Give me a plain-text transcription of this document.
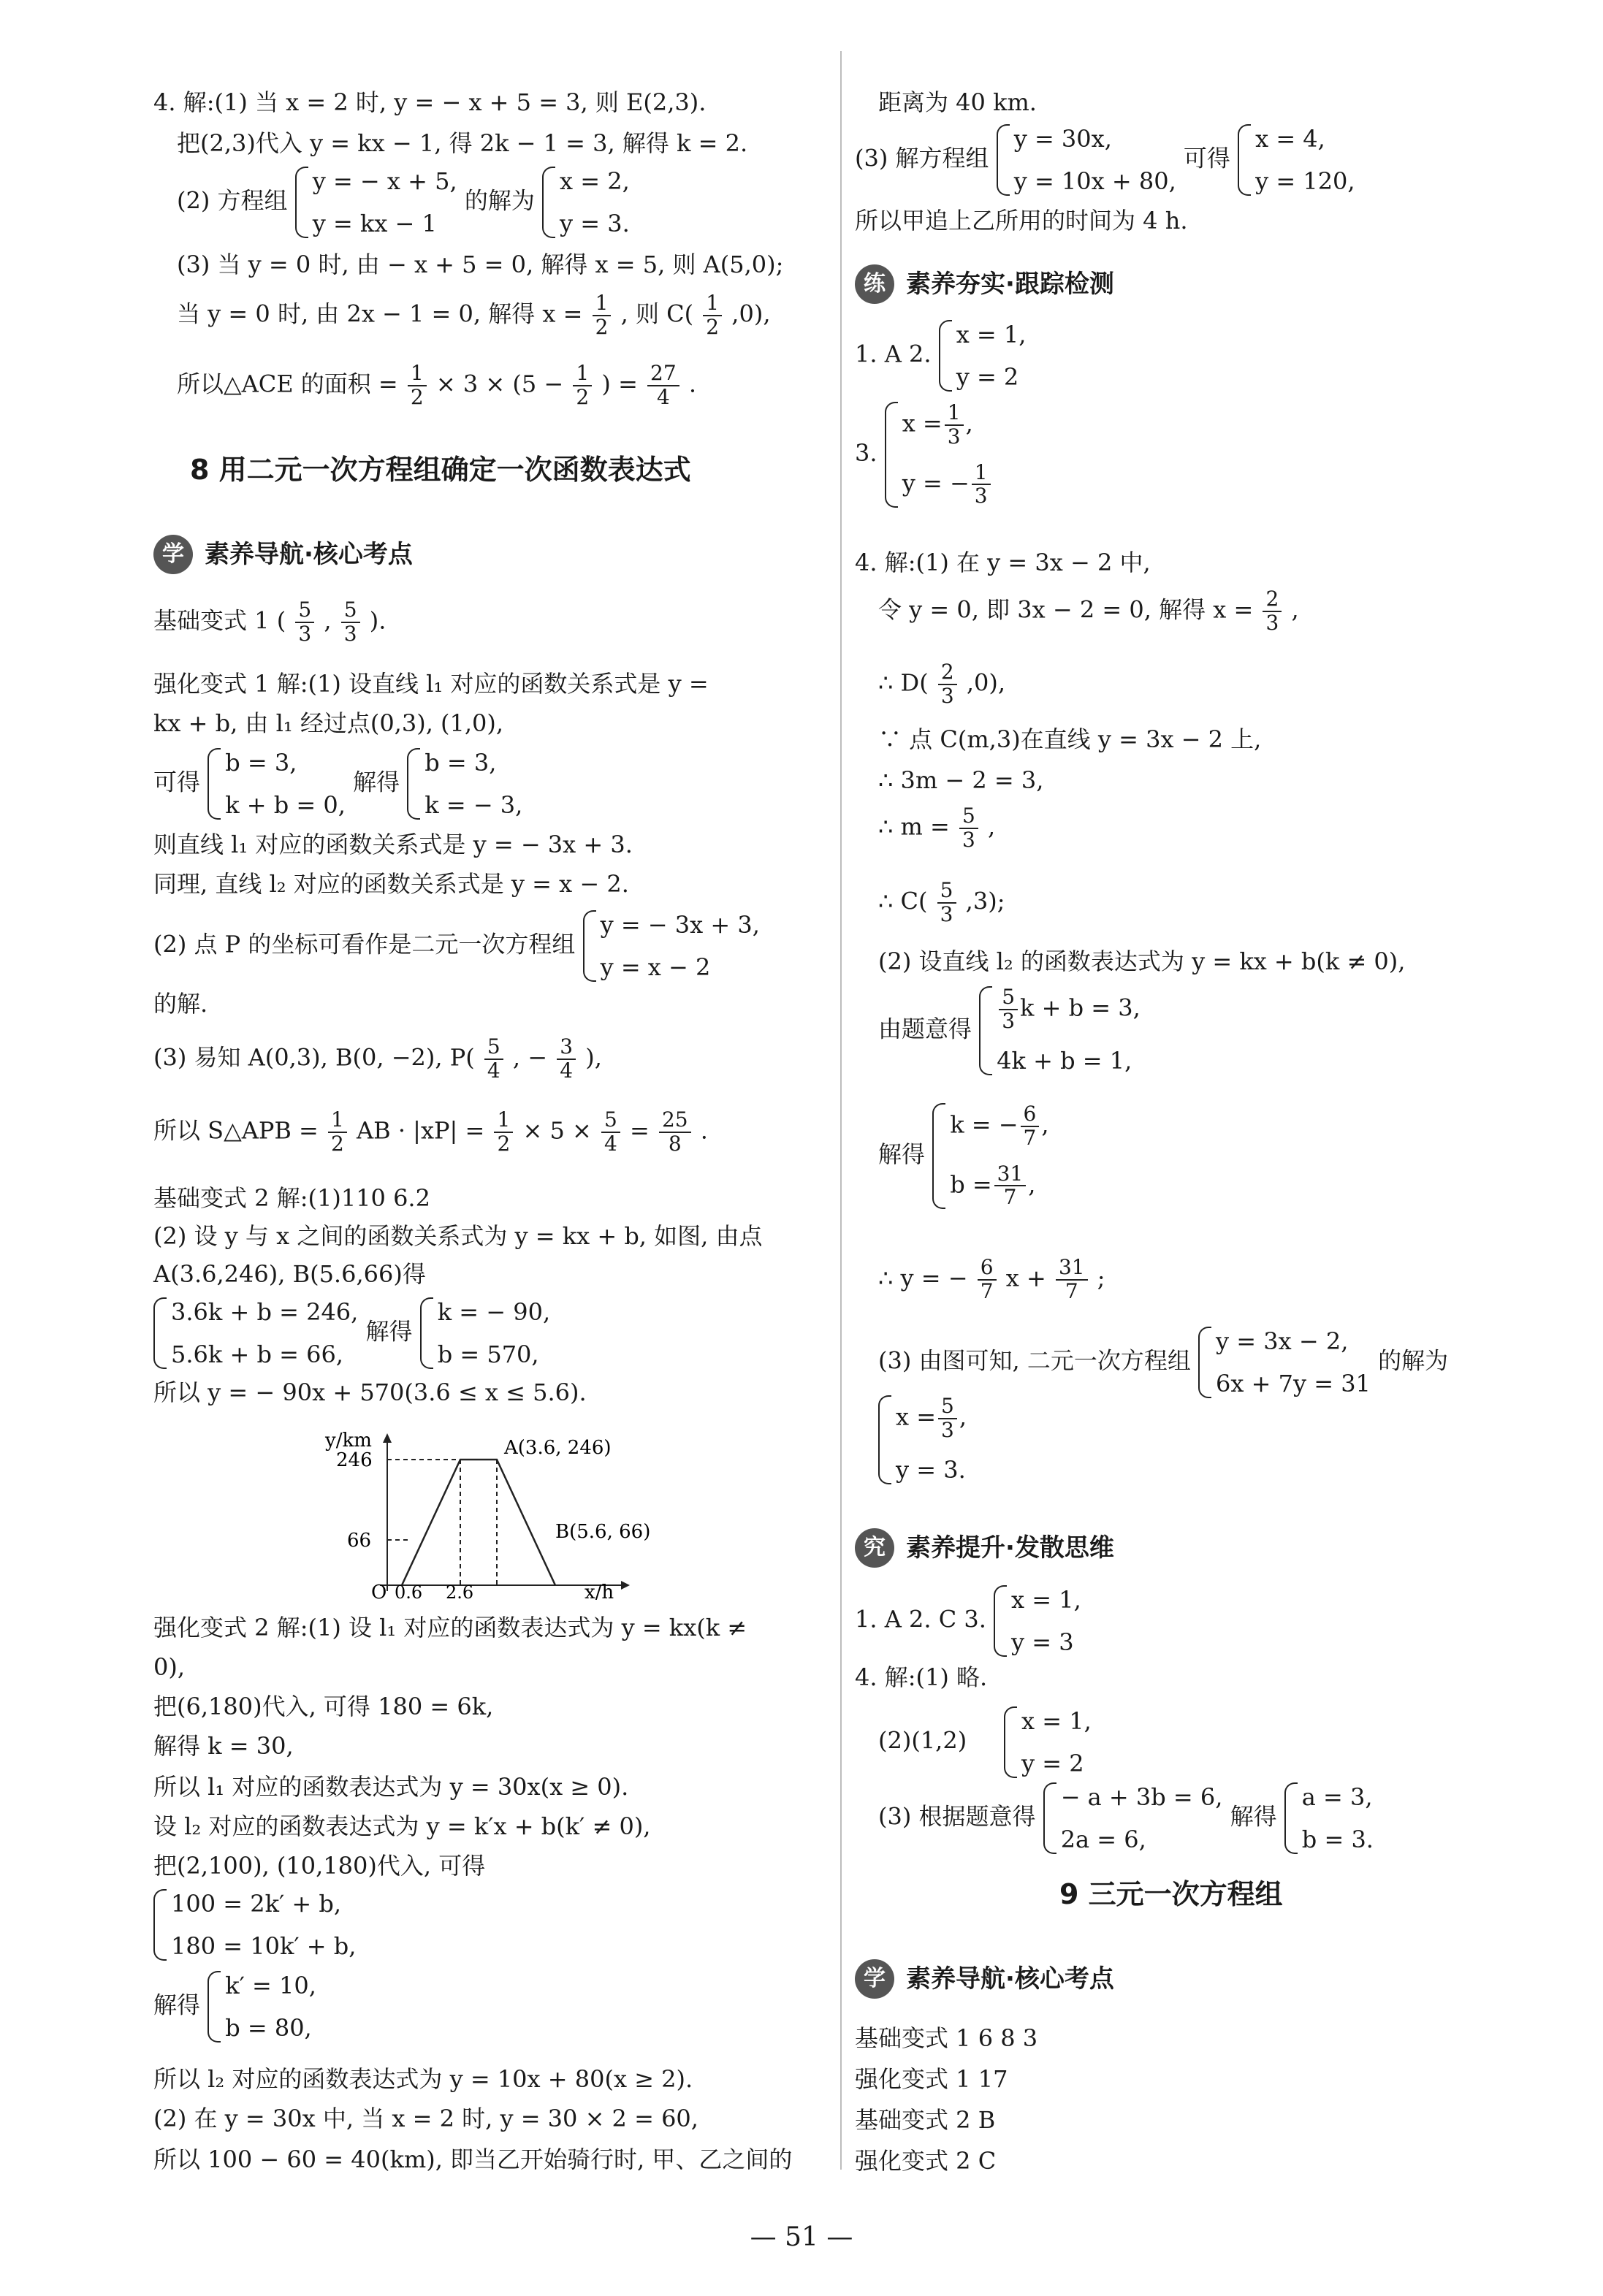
4. 解:(1) 当 x = 2 时, y = − x + 5 = 3, 则 E(2,3).
把(2,3)代入 y = kx − 1, 得 2k − 1 = 3, 解得 k = 2.
(2) 方程组
y = − x + 5,
y = kx − 1
的解为
x = 2,
y = 3.
(3) 当 y = 0 时, 由 − x + 5 = 0, 解得 x = 5, 则 A(5,0);
当 y = 0 时, 由 2x − 1 = 0, 解得 $x = \frac{1}{2}$ , 则 $C( \frac{1}{2} ,0)$,
所以△ACE 的面积 = $\frac{1}{2} \times 3 \times (5 - \frac{1}{2}$ ) = $\frac{27}{4}$ .
8 用二元一次方程组确定一次函数表达式
学 素养导航·核心考点
基础变式 1 ( $\frac{5}{3}$ , $\frac{5}{3}$ ).
强化变式 1 解:(1) 设直线 l₁ 对应的函数关系式是 y =
kx + b, 由 l₁ 经过点(0,3), (1,0),
可得
b = 3,
k + b = 0,
解得
b = 3,
k = − 3,
则直线 l₁ 对应的函数关系式是 y = − 3x + 3.
同理, 直线 l₂ 对应的函数关系式是 y = x − 2.
(2) 点 P 的坐标可看作是二元一次方程组
y = − 3x + 3,
y = x − 2
的解.
(3) 易知 A(0,3), B(0, −2), $P( \frac{5}{4}$ , − $\frac{3}{4}$ ),
所以 S△APB = $\frac{1}{2}$ AB · $|xP| = \frac{1}{2} \times 5 \times \frac{5}{4} = \frac{25}{8}$ .
基础变式 2 解:(1)110 6.2
(2) 设 y 与 x 之间的函数关系式为 y = kx + b, 如图, 由点
A(3.6,246), B(5.6,66)得
3.6k + b = 246,
5.6k + b = 66,
解得
k = − 90,
b = 570,
所以 y = − 90x + 570(3.6 ≤ x ≤ 5.6).
强化变式 2 解:(1) 设 l₁ 对应的函数表达式为 y = kx(k ≠
0),
把(6,180)代入, 可得 180 = 6k,
解得 k = 30,
所以 l₁ 对应的函数表达式为 y = 30x(x ≥ 0).
设 l₂ 对应的函数表达式为 y = k′x + b(k′ ≠ 0),
把(2,100), (10,180)代入, 可得
100 = 2k′ + b,
180 = 10k′ + b,
解得
k′ = 10,
b = 80,
所以 l₂ 对应的函数表达式为 y = 10x + 80(x ≥ 2).
(2) 在 y = 30x 中, 当 x = 2 时, y = 30 × 2 = 60,
所以 100 − 60 = 40(km), 即当乙开始骑行时, 甲、乙之间的
y/km
246
66
O 0.6 2.6
A(3.6, 246)
B(5.6, 66)
x/h
距离为 40 km.
(3) 解方程组
y = 30x,
y = 10x + 80,
可得
x = 4,
y = 120,
所以甲追上乙所用的时间为 4 h.
练 素养夯实·跟踪检测
1. A 2.
x = 1,
y = 2
3.
$x = \frac{1}{3}$ ,
y = − $\frac{1}{3}$
4. 解:(1) 在 y = 3x − 2 中,
令 y = 0, 即 3x − 2 = 0, 解得 $x = \frac{2}{3}$ ,
∴ $D( \frac{2}{3} ,0)$,
∵ 点 C(m,3)在直线 y = 3x − 2 上,
∴ 3m − 2 = 3,
∴ $m = \frac{5}{3}$ ,
∴ $C( \frac{5}{3} ,3)$;
(2) 设直线 l₂ 的函数表达式为 y = kx + b(k ≠ 0),
由题意得 $\frac{5}{3}$ k + b = 3,
4k + b = 1,
解得
k = − $\frac{6}{7}$ ,
$b = \frac{31}{7}$ ,
∴ y = − $\frac{6}{7}$ $x + \frac{31}{7}$ ;
(3) 由图可知, 二元一次方程组
y = 3x − 2,
6x + 7y = 31
的解为
$x = \frac{5}{3}$ ,
y = 3.
究 素养提升·发散思维
1. A 2. C 3.
x = 1,
y = 3
4. 解:(1) 略.
(2)(1,2)
x = 1,
y = 2
(3) 根据题意得
− a + 3b = 6,
2a = 6,
解得
a = 3,
b = 3.
9 三元一次方程组
学 素养导航·核心考点
基础变式 1 6 8 3
强化变式 1 17
基础变式 2 B
强化变式 2 C
— 51 —
